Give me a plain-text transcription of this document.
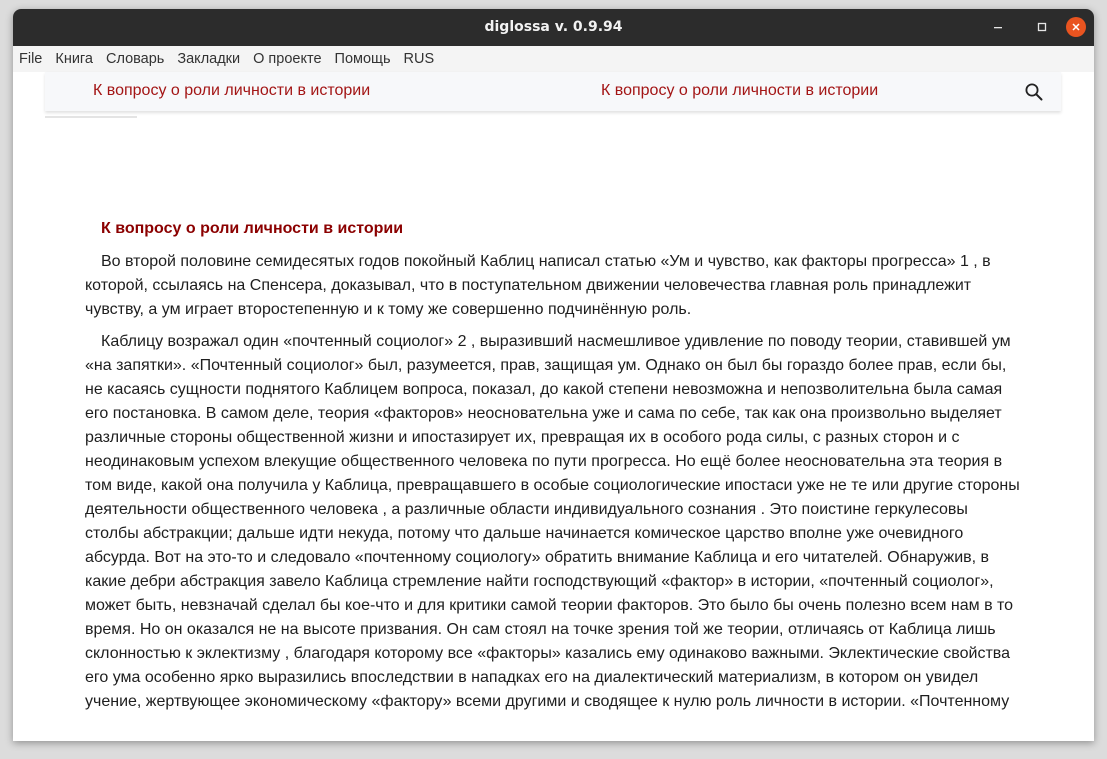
diglossa v. 0.9.94
File Книга Словарь Закладки О проекте Помощь RUS
К вопросу о роли личности в истории	К вопросу о роли личности в истории
К вопросу о роли личности в истории

Во второй половине семидесятых годов покойный Каблиц написал статью «Ум и чувство, как факторы прогресса» 1 , в которой, ссылаясь на Спенсера, доказывал, что в поступательном движении человечества главная роль принадлежит чувству, а ум играет второстепенную и к тому же совершенно подчинённую роль.

Каблицу возражал один «почтенный социолог» 2 , выразивший насмешливое удивление по поводу теории, ставившей ум «на запятки». «Почтенный социолог» был, разумеется, прав, защищая ум. Однако он был бы гораздо более прав, если бы, не касаясь сущности поднятого Каблицем вопроса, показал, до какой степени невозможна и непозволительна была самая его постановка. В самом деле, теория «факторов» неосновательна уже и сама по себе, так как она произвольно выделяет различные стороны общественной жизни и ипостазирует их, превращая их в особого рода силы, с разных сторон и с неодинаковым успехом влекущие общественного человека по пути прогресса. Но ещё более неосновательна эта теория в том виде, какой она получила у Каблица, превращавшего в особые социологические ипостаси уже не те или другие стороны деятельности общественного человека , а различные области индивидуального сознания . Это поистине геркулесовы столбы абстракции; дальше идти некуда, потому что дальше начинается комическое царство вполне уже очевидного абсурда. Вот на это-то и следовало «почтенному социологу» обратить внимание Каблица и его читателей. Обнаружив, в какие дебри абстракция завело Каблица стремление найти господствующий «фактор» в истории, «почтенный социолог», может быть, невзначай сделал бы кое-что и для критики самой теории факторов. Это было бы очень полезно всем нам в то время. Но он оказался не на высоте призвания. Он сам стоял на точке зрения той же теории, отличаясь от Каблица лишь склонностью к эклектизму , благодаря которому все «факторы» казались ему одинаково важными. Эклектические свойства его ума особенно ярко выразились впоследствии в нападках его на диалектический материализм, в котором он увидел учение, жертвующее экономическому «фактору» всеми другими и сводящее к нулю роль личности в истории. «Почтенному
